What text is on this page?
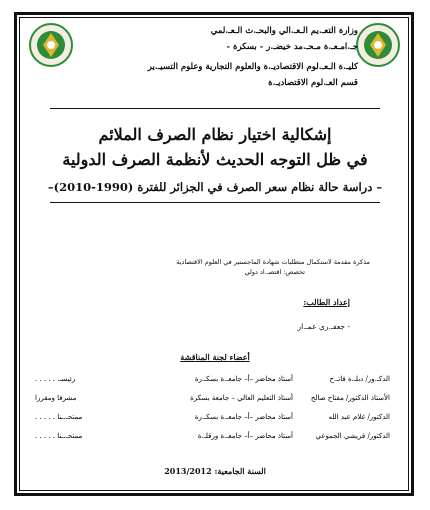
وزارة التعـ.يم الـعـ.الي والبحـ.ث الـعـ.لمي
جـ.امـعـ.ة مـحـ.مد خيضـ.ر - بسكرة -
كليـ.ة الـعـ.لوم الاقتصاديـ.ة والعلوم التجارية وعلوم التسيـ.ير
قسم العـ.لوم الاقتصاديـ.ة
إشكالية اختيار نظام الصرف الملائم
في ظل التوجه الحديث لأنظمة الصرف الدولية
– دراسة حالة نظام سعر الصرف في الجزائر للفترة (1990-2010)–
مذكرة مقدمة لاستكمال متطلبات شهادة الماجستير في العلوم الاقتصادية
تخصص: اقتصـ.اد دولي
إعداد الطالب:
- جعفـ.ري عمـ.ار
أعضاء لجنة المناقشة
الدكـ.ور/ دبلـ.ة فاتـ.ح
أستاذ محاضر –أ– جامعـ.ة بسكـ.رة
رئيسـ. . . . . .
الأستاذ الدكتور/ مفتاح صالح
أستاذ التعليم العالي – جامعة بسكرة
مشرفا ومقررا
الدكتور/ غلام عبد الله
أستاذ محاضر –أ– جامعـ.ة بسكـ.رة
ممتحـ.ـنا . . . . .
الدكتور/ قريشي الجموعي
أستاذ محاضر –أ– جامعـ.ة ورقلـ.ة
ممتحـ.ـنا . . . . .
السنة الجامعية: 2013/2012
